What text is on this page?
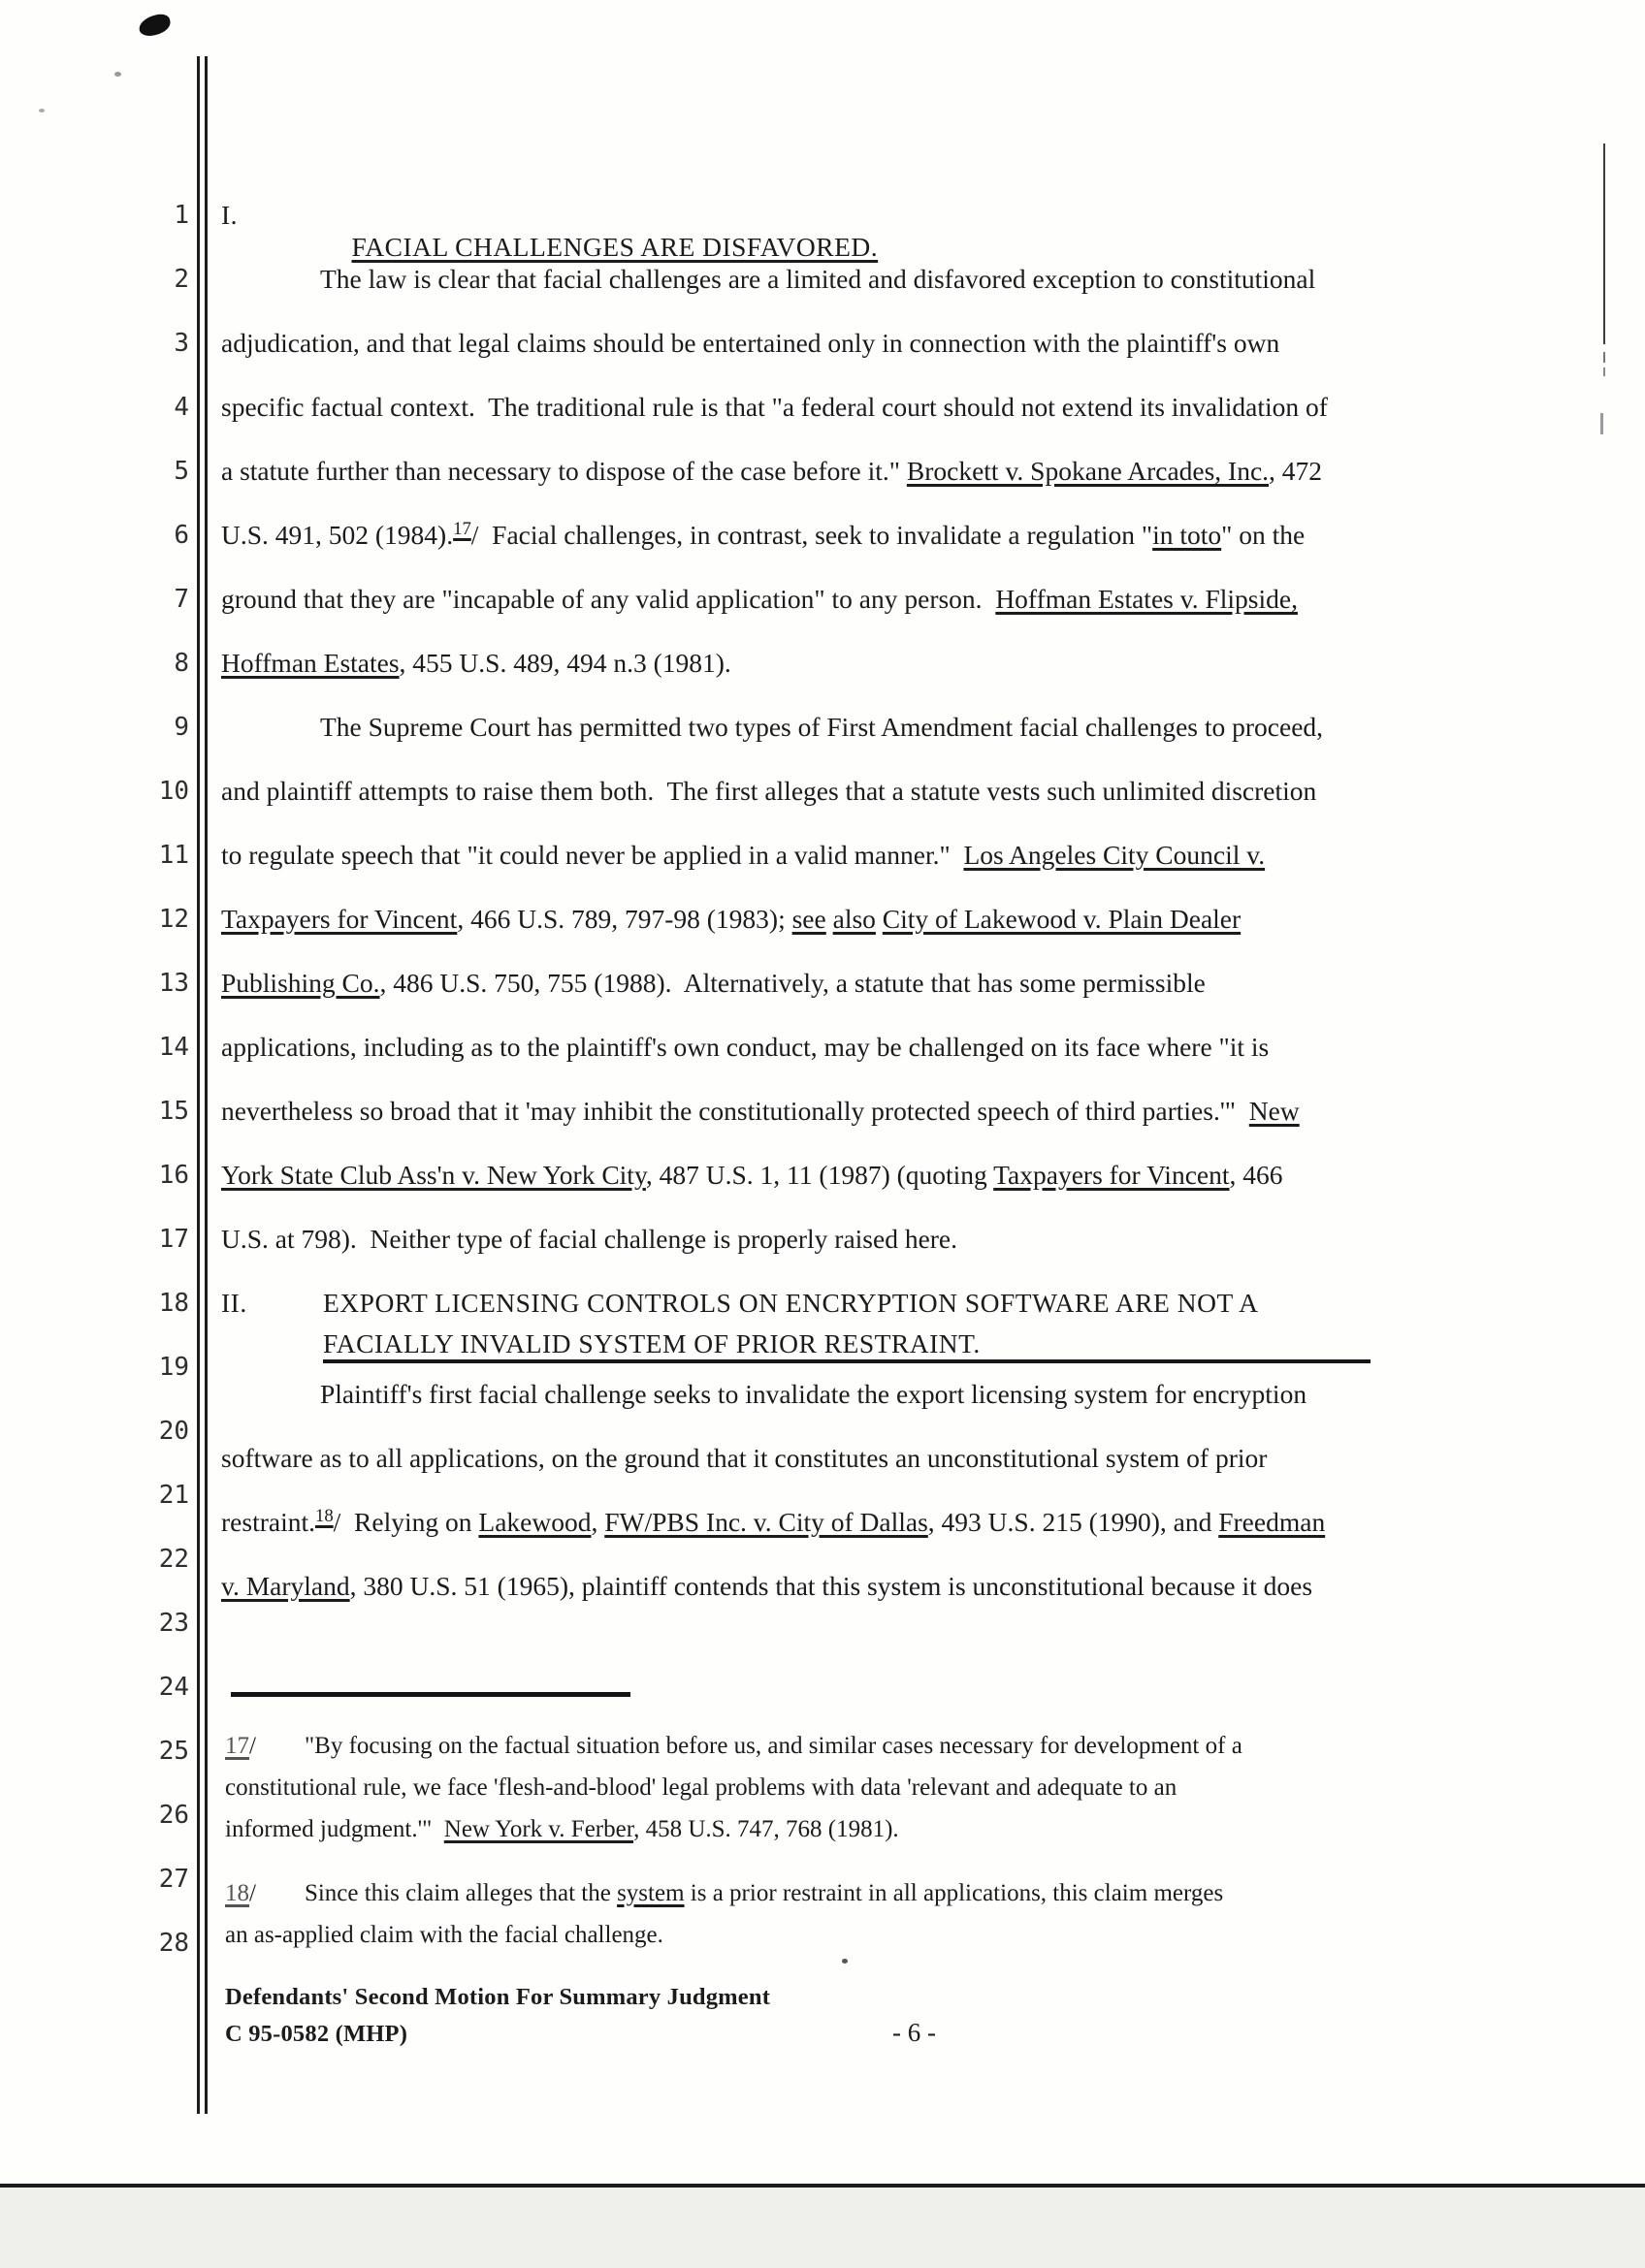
1
2
3
4
5
6
7
8
9
10
11
12
13
14
15
16
17
18
19
20
21
22
23
24
25
26
27
28
I.

FACIAL CHALLENGES ARE DISFAVORED.

The law is clear that facial challenges are a limited and disfavored exception to constitutional
adjudication, and that legal claims should be entertained only in connection with the plaintiff's own
specific factual context.  The traditional rule is that "a federal court should not extend its invalidation of
a statute further than necessary to dispose of the case before it." Brockett v. Spokane Arcades, Inc., 472
U.S. 491, 502 (1984).$^{17}$/  Facial challenges, in contrast, seek to invalidate a regulation "in toto" on the
ground that they are "incapable of any valid application" to any person.  Hoffman Estates v. Flipside,
Hoffman Estates, 455 U.S. 489, 494 n.3 (1981).
The Supreme Court has permitted two types of First Amendment facial challenges to proceed,
and plaintiff attempts to raise them both.  The first alleges that a statute vests such unlimited discretion
to regulate speech that "it could never be applied in a valid manner."  Los Angeles City Council v.
Taxpayers for Vincent, 466 U.S. 789, 797-98 (1983); see also City of Lakewood v. Plain Dealer
Publishing Co., 486 U.S. 750, 755 (1988).  Alternatively, a statute that has some permissible
applications, including as to the plaintiff's own conduct, may be challenged on its face where "it is
nevertheless so broad that it 'may inhibit the constitutionally protected speech of third parties.'"  New
York State Club Ass'n v. New York City, 487 U.S. 1, 11 (1987) (quoting Taxpayers for Vincent, 466
U.S. at 798).  Neither type of facial challenge is properly raised here.
II.	EXPORT LICENSING CONTROLS ON ENCRYPTION SOFTWARE ARE NOT A
FACIALLY INVALID SYSTEM OF PRIOR RESTRAINT.
Plaintiff's first facial challenge seeks to invalidate the export licensing system for encryption
software as to all applications, on the ground that it constitutes an unconstitutional system of prior
restraint.$^{18}$/  Relying on Lakewood, FW/PBS Inc. v. City of Dallas, 493 U.S. 215 (1990), and Freedman
v. Maryland, 380 U.S. 51 (1965), plaintiff contends that this system is unconstitutional because it does
17/        "By focusing on the factual situation before us, and similar cases necessary for development of a
constitutional rule, we face 'flesh-and-blood' legal problems with data 'relevant and adequate to an
informed judgment.'"  New York v. Ferber, 458 U.S. 747, 768 (1981).
18/        Since this claim alleges that the system is a prior restraint in all applications, this claim merges
an as-applied claim with the facial challenge.
Defendants' Second Motion For Summary Judgment
C 95-0582 (MHP)	- 6 -
